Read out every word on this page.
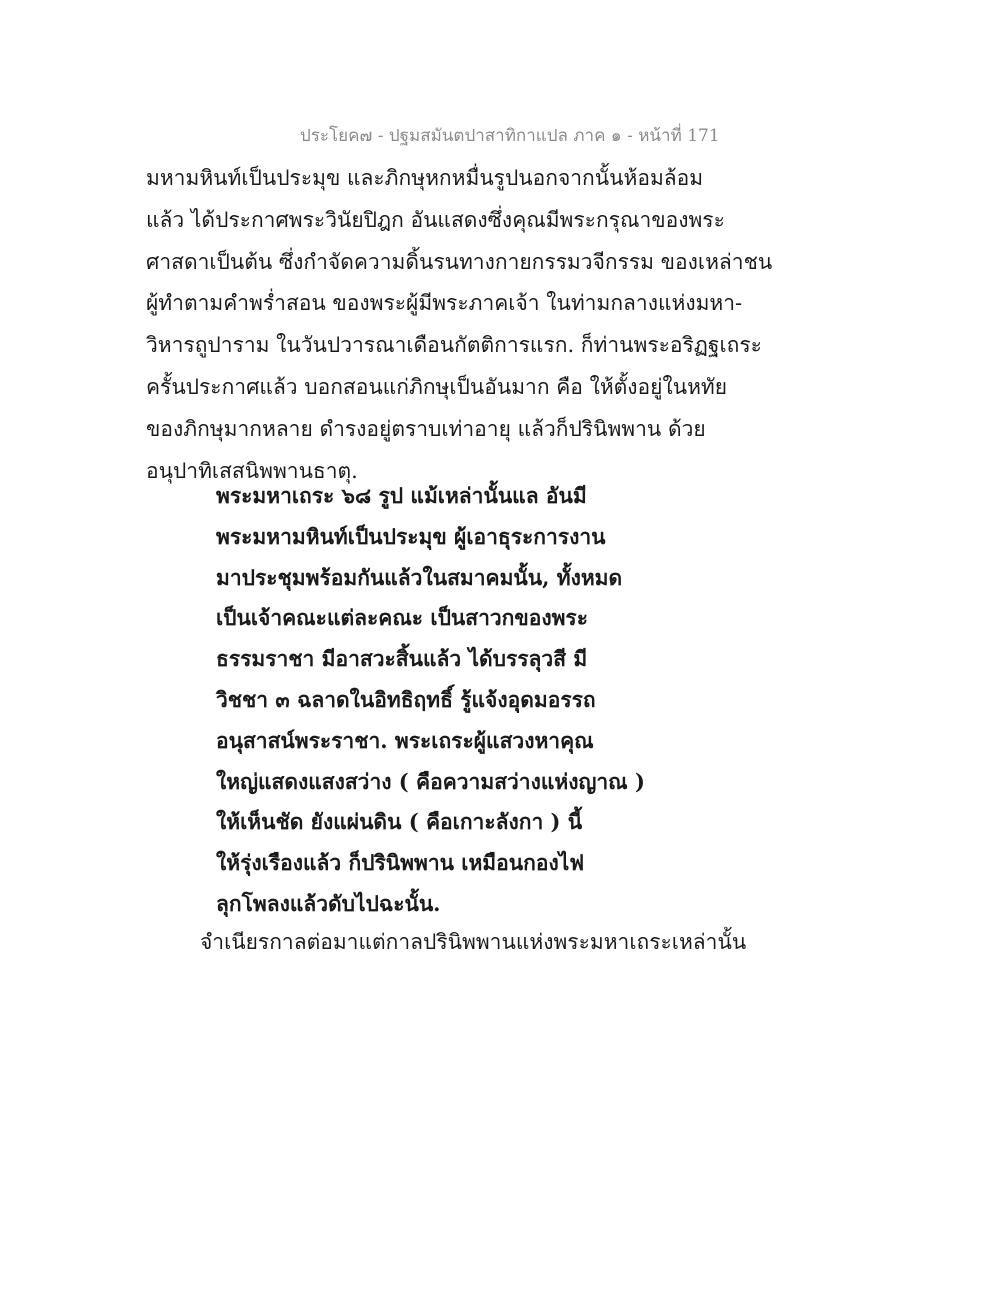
ประโยค๗ - ปฐมสมันตปาสาทิกาแปล ภาค ๑ - หน้าที่ 171
มหามหินท์เป็นประมุข และภิกษุหกหมื่นรูปนอกจากนั้นห้อมล้อม
แล้ว ได้ประกาศพระวินัยปิฎก อันแสดงซึ่งคุณมีพระกรุณาของพระ
ศาสดาเป็นต้น ซึ่งกำจัดความดิ้นรนทางกายกรรมวจีกรรม ของเหล่าชน
ผู้ทำตามคำพร่ำสอน ของพระผู้มีพระภาคเจ้า ในท่ามกลางแห่งมหา-
วิหารถูปาราม ในวันปวารณาเดือนกัตติการแรก. ก็ท่านพระอริฏฐเถระ
ครั้นประกาศแล้ว บอกสอนแก่ภิกษุเป็นอันมาก คือ ให้ตั้งอยู่ในหทัย
ของภิกษุมากหลาย ดำรงอยู่ตราบเท่าอายุ แล้วก็ปรินิพพาน ด้วย
อนุปาทิเสสนิพพานธาตุ.
พระมหาเถระ ๖๘ รูป แม้เหล่านั้นแล อันมี
พระมหามหินท์เป็นประมุข ผู้เอาธุระการงาน
มาประชุมพร้อมกันแล้วในสมาคมนั้น, ทั้งหมด
เป็นเจ้าคณะแต่ละคณะ เป็นสาวกของพระ
ธรรมราชา มีอาสวะสิ้นแล้ว ได้บรรลุวสี มี
วิชชา ๓ ฉลาดในอิทธิฤทธิ์ รู้แจ้งอุดมอรรถ
อนุสาสน์พระราชา. พระเถระผู้แสวงหาคุณ
ใหญ่แสดงแสงสว่าง ( คือความสว่างแห่งญาณ )
ให้เห็นชัด ยังแผ่นดิน ( คือเกาะลังกา ) นี้
ให้รุ่งเรืองแล้ว ก็ปรินิพพาน เหมือนกองไฟ
ลุกโพลงแล้วดับไปฉะนั้น.
จำเนียรกาลต่อมาแต่กาลปรินิพพานแห่งพระมหาเถระเหล่านั้น
